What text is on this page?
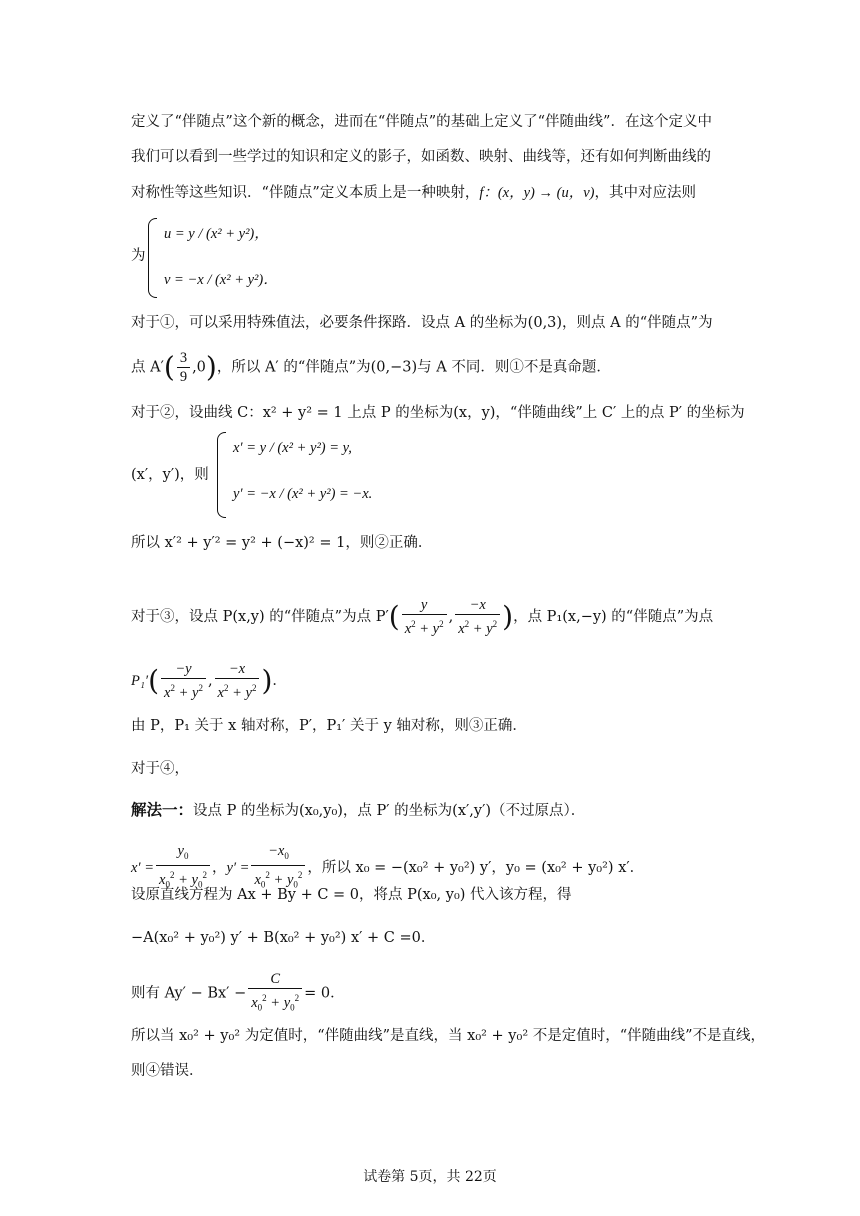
定义了“伴随点”这个新的概念，进而在“伴随点”的基础上定义了“伴随曲线”．在这个定义中
我们可以看到一些学过的知识和定义的影子，如函数、映射、曲线等，还有如何判断曲线的
对称性等这些知识．“伴随点”定义本质上是一种映射，f：(x，y) → (u，v)，其中对应法则
为
u = y / (x² + y²)，
v = −x / (x² + y²)．
对于①，可以采用特殊值法，必要条件探路．设点 A 的坐标为(0,3)，则点 A 的“伴随点”为
点 $A'( \frac{3}{9} ,0)$，所以 A′ 的“伴随点”为(0,−3)与 A 不同．则①不是真命题．
对于②，设曲线 C：x² + y² = 1 上点 P 的坐标为(x，y)，“伴随曲线”上 C′ 上的点 P′ 的坐标为
(x′，y′)，则
x′ = y / (x² + y²) = y,
y′ = −x / (x² + y²) = −x.
所以 x′² + y′² = y² + (−x)² = 1，则②正确．
对于③，设点 P(x,y) 的“伴随点”为点 $P'( \frac{y}{x^2 + y^2}$ , $\frac{-x}{x^2 + y^2}$ )，点 P₁(x,−y) 的“伴随点”为点
$P_1'( \frac{-y}{x^2 + y^2}$ , $\frac{-x}{x^2 + y^2}$ )．
由 P，P₁ 关于 x 轴对称，P′，P₁′ 关于 y 轴对称，则③正确．
对于④，
解法一：设点 P 的坐标为(x₀,y₀)，点 P′ 的坐标为(x′,y′)（不过原点）．
$x' = \frac{y_0}{x_0^2 + y_0^2}$ ，$y' = \frac{-x_0}{x_0^2 + y_0^2}$ ，所以 x₀ = −(x₀² + y₀²) y′，y₀ = (x₀² + y₀²) x′．
设原直线方程为 Ax + By + C = 0，将点 P(x₀, y₀) 代入该方程，得
−A(x₀² + y₀²) y′ + B(x₀² + y₀²) x′ + C =0．
则有 $Ay' - Bx' - \frac{C}{x_0^2 + y_0^2} = 0$．
所以当 x₀² + y₀² 为定值时，“伴随曲线”是直线，当 x₀² + y₀² 不是定值时，“伴随曲线”不是直线，
则④错误．
试卷第 5页，共 22页
